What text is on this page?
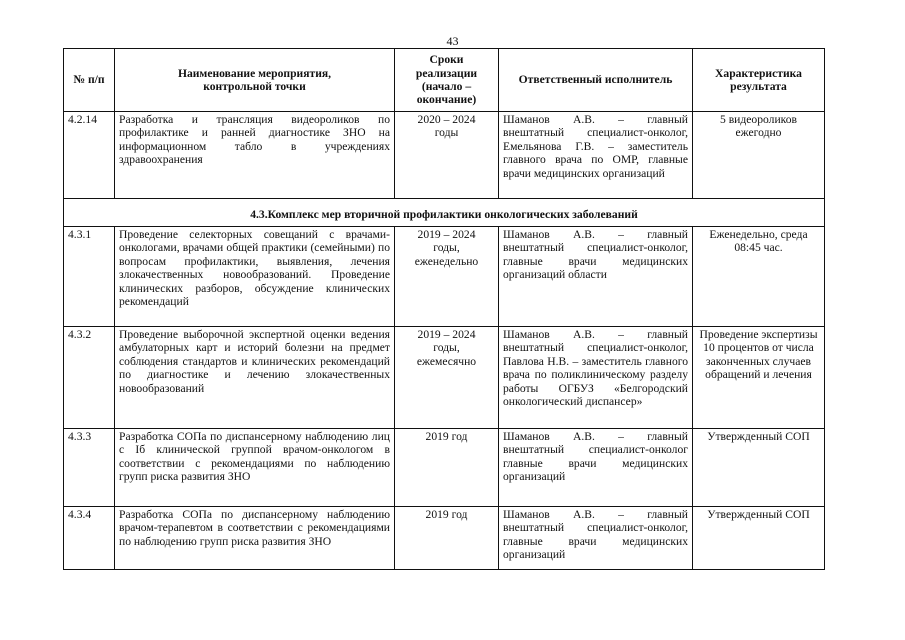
43
№ п/п	Наименование мероприятия, контрольной точки	Сроки реализации (начало – окончание)	Ответственный исполнитель	Характеристика результата
4.2.14	Разработка и трансляция видеороликов по профилактике и ранней диагностике ЗНО на информационном табло в учреждениях здравоохранения	2020 – 2024 годы	Шаманов А.В. – главный внештатный специалист-онколог, Емельянова Г.В. – заместитель главного врача по ОМР, главные врачи медицинских организаций	5 видеороликов ежегодно
4.3.Комплекс мер вторичной профилактики онкологических заболеваний				
4.3.1	Проведение селекторных совещаний с врачами-онкологами, врачами общей практики (семейными) по вопросам профилактики, выявления, лечения злокачественных новообразований. Проведение клинических разборов, обсуждение клинических рекомендаций	2019 – 2024 годы, еженедельно	Шаманов А.В. – главный внештатный специалист-онколог, главные врачи медицинских организаций области	Еженедельно, среда 08:45 час.
4.3.2	Проведение выборочной экспертной оценки ведения амбулаторных карт и историй болезни на предмет соблюдения стандартов и клинических рекомендаций по диагностике и лечению злокачественных новообразований	2019 – 2024 годы, ежемесячно	Шаманов А.В. – главный внештатный специалист-онколог, Павлова Н.В. – заместитель главного врача по поликлиническому разделу работы ОГБУЗ «Белгородский онкологический диспансер»	Проведение экспертизы 10 процентов от числа законченных случаев обращений и лечения
4.3.3	Разработка СОПа по диспансерному наблюдению лиц с Iб клинической группой врачом-онкологом в соответствии с рекомендациями по наблюдению групп риска развития ЗНО	2019 год	Шаманов А.В. – главный внештатный специалист-онколог главные врачи медицинских организаций	Утвержденный СОП
4.3.4	Разработка СОПа по диспансерному наблюдению врачом-терапевтом в соответствии с рекомендациями по наблюдению групп риска развития ЗНО	2019 год	Шаманов А.В. – главный внештатный специалист-онколог, главные врачи медицинских организаций	Утвержденный СОП
